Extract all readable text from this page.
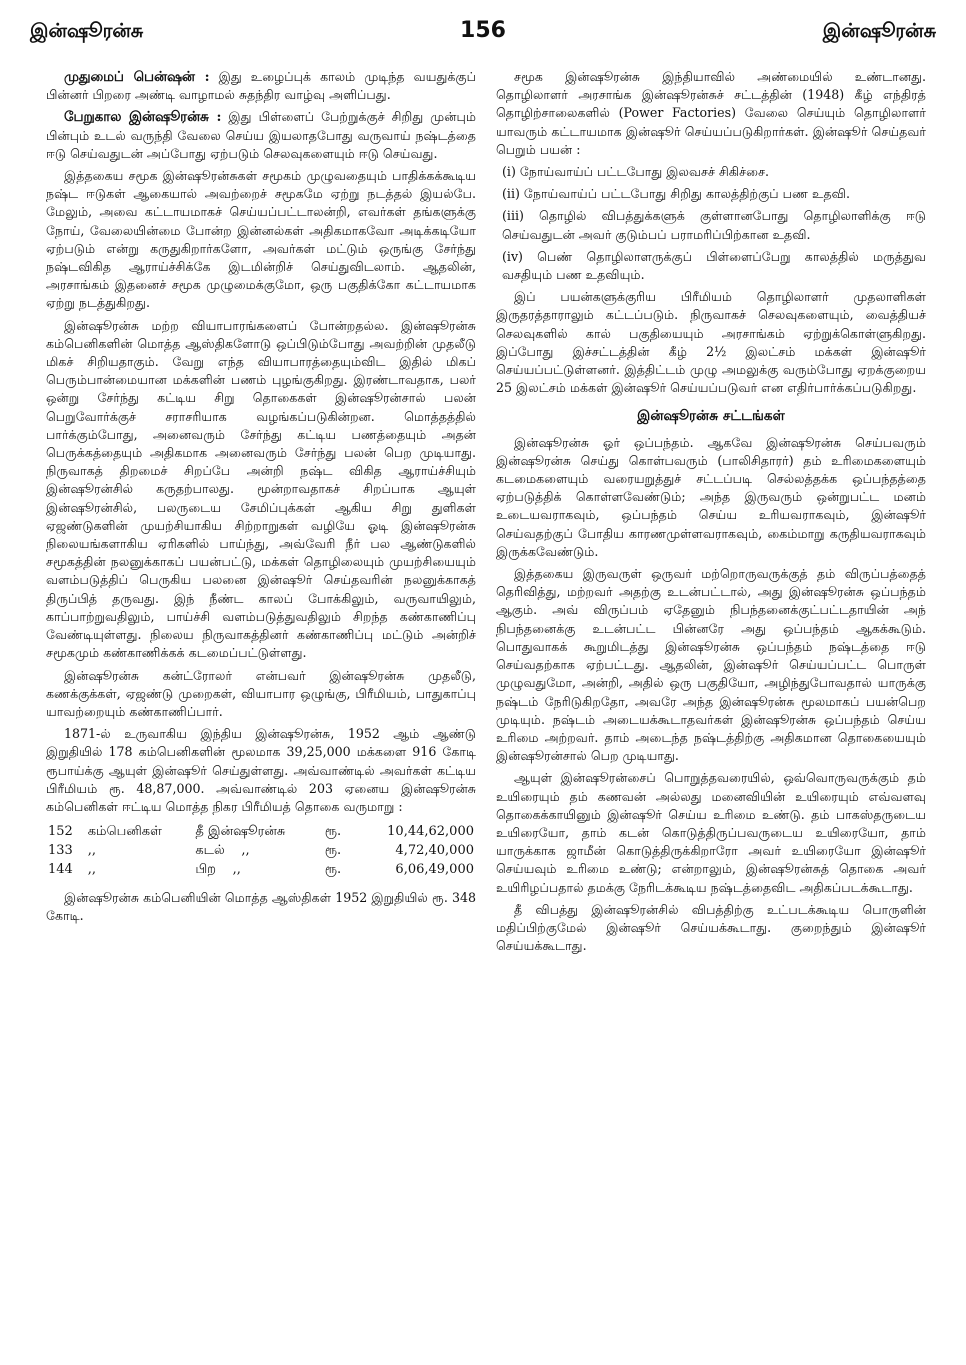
இன்ஷூரன்சு	156	இன்ஷூரன்சு

முதுமைப் பென்ஷன் : இது உழைப்புக் காலம் முடிந்த வயதுக்குப் பின்னர் பிறரை அண்டி வாழாமல் சுதந்திர வாழ்வு அளிப்பது.

பேறுகால இன்ஷூரன்சு : இது பிள்ளைப் பேற்றுக்குச் சிறிது முன்பும் பின்பும் உடல் வருந்தி வேலை செய்ய இயலாதபோது வருவாய் நஷ்டத்தை ஈடு செய்வதுடன் அப்போது ஏற்படும் செலவுகளையும் ஈடு செய்வது.

இத்தகைய சமூக இன்ஷூரன்சுகள் சமூகம் முழுவதையும் பாதிக்கக்கூடிய நஷ்ட ஈடுகள் ஆகையால் அவற்றைச் சமூகமே ஏற்று நடத்தல் இயல்பே. மேலும், அவை கட்டாயமாகச் செய்யப்பட்டாலன்றி, எவர்கள் தங்களுக்கு நோய், வேலையின்மை போன்ற இன்னல்கள் அதிகமாகவோ அடிக்கடியோ ஏற்படும் என்று கருதுகிறார்களோ, அவர்கள் மட்டும் ஒருங்கு சேர்ந்து நஷ்டவிகித ஆராய்ச்சிக்கே இடமின்றிச் செய்துவிடலாம். ஆதலின், அரசாங்கம் இதனைச் சமூக முழுமைக்குமோ, ஒரு பகுதிக்கோ கட்டாயமாக ஏற்று நடத்துகிறது.

இன்ஷூரன்சு மற்ற வியாபாரங்களைப் போன்றதல்ல. இன்ஷூரன்சு கம்பெனிகளின் மொத்த ஆஸ்திகளோடு ஒப்பிடும்போது அவற்றின் முதலீடு மிகச் சிறியதாகும். வேறு எந்த வியாபாரத்தையும்விட இதில் மிகப் பெரும்பான்மையான மக்களின் பணம் புழங்குகிறது. இரண்டாவதாக, பலர் ஒன்று சேர்ந்து கட்டிய சிறு தொகைகள் இன்ஷூரன்சால் பலன் பெறுவோர்க்குச் சராசரியாக வழங்கப்படுகின்றன. மொத்தத்தில் பார்க்கும்போது, அனைவரும் சேர்ந்து கட்டிய பணத்தையும் அதன் பெருக்கத்தையும் அதிகமாக அனைவரும் சேர்ந்து பலன் பெற முடியாது. நிருவாகத் திறமைச் சிறப்பே அன்றி நஷ்ட விகித ஆராய்ச்சியும் இன்ஷூரன்சில் கருதற்பாலது. மூன்றாவதாகச் சிறப்பாக ஆயுள் இன்ஷூரன்சில், பலருடைய சேமிப்புக்கள் ஆகிய சிறு துளிகள் ஏஜண்டுகளின் முயற்சியாகிய சிற்றாறுகள் வழியே ஓடி இன்ஷூரன்சு நிலையங்களாகிய ஏரிகளில் பாய்ந்து, அவ்வேரி நீர் பல ஆண்டுகளில் சமூகத்தின் நலனுக்காகப் பயன்பட்டு, மக்கள் தொழிலையும் முயற்சியையும் வளம்படுத்திப் பெருகிய பலனை இன்ஷூர் செய்தவரின் நலனுக்காகத் திருப்பித் தருவது. இந் நீண்ட காலப் போக்கிலும், வருவாயிலும், காப்பாற்றுவதிலும், பாய்ச்சி வளம்படுத்துவதிலும் சிறந்த கண்காணிப்பு வேண்டியுள்ளது. நிலைய நிருவாகத்தினர் கண்காணிப்பு மட்டும் அன்றிச் சமூகமும் கண்காணிக்கக் கடமைப்பட்டுள்ளது.

இன்ஷூரன்சு கன்ட்ரோலர் என்பவர் இன்ஷூரன்சு முதலீடு, கணக்குக்கள், ஏஜண்டு முறைகள், வியாபார ஒழுங்கு, பிரீமியம், பாதுகாப்பு யாவற்றையும் கண்காணிப்பார்.

1871-ல் உருவாகிய இந்திய இன்ஷூரன்சு, 1952 ஆம் ஆண்டு இறுதியில் 178 கம்பெனிகளின் மூலமாக 39,25,000 மக்களை 916 கோடி ரூபாய்க்கு ஆயுள் இன்ஷூர் செய்துள்ளது. அவ்வாண்டில் அவர்கள் கட்டிய பிரீமியம் ரூ. 48,87,000. அவ்வாண்டில் 203 ஏனைய இன்ஷூரன்சு கம்பெனிகள் ஈட்டிய மொத்த நிகர பிரீமியத் தொகை வருமாறு :

152	கம்பெனிகள்	தீ இன்ஷூரன்சு	ரூ.	10,44,62,000
133	,,	கடல் ,,	ரூ.	4,72,40,000
144	,,	பிற ,,	ரூ.	6,06,49,000

இன்ஷூரன்சு கம்பெனியின் மொத்த ஆஸ்திகள் 1952 இறுதியில் ரூ. 348 கோடி.

சமூக இன்ஷூரன்சு இந்தியாவில் அண்மையில் உண்டானது. தொழிலாளர் அரசாங்க இன்ஷூரன்சுச் சட்டத்தின் (1948) கீழ் எந்திரத் தொழிற்சாலைகளில் (Power Factories) வேலை செய்யும் தொழிலாளர் யாவரும் கட்டாயமாக இன்ஷூர் செய்யப்படுகிறார்கள். இன்ஷூர் செய்தவர் பெறும் பயன் :

(i) நோய்வாய்ப் பட்டபோது இலவசச் சிகிச்சை.

(ii) நோய்வாய்ப் பட்டபோது சிறிது காலத்திற்குப் பண உதவி.

(iii) தொழில் விபத்துக்களுக் குள்ளானபோது தொழிலாளிக்கு ஈடு செய்வதுடன் அவர் குடும்பப் பராமரிப்பிற்கான உதவி.

(iv) பெண் தொழிலாளருக்குப் பிள்ளைப்பேறு காலத்தில் மருத்துவ வசதியும் பண உதவியும்.

இப் பயன்களுக்குரிய பிரீமியம் தொழிலாளர் முதலாளிகள் இருதரத்தாராலும் கட்டப்படும். நிருவாகச் செலவுகளையும், வைத்தியச் செலவுகளில் கால் பகுதியையும் அரசாங்கம் ஏற்றுக்கொள்ளுகிறது. இப்போது இச்சட்டத்தின் கீழ் 2½ இலட்சம் மக்கள் இன்ஷூர் செய்யப்பட்டுள்ளனர். இத்திட்டம் முழு அமலுக்கு வரும்போது ஏறக்குறைய 25 இலட்சம் மக்கள் இன்ஷூர் செய்யப்படுவர் என எதிர்பார்க்கப்படுகிறது.

இன்ஷூரன்சு சட்டங்கள்

இன்ஷூரன்சு ஓர் ஒப்பந்தம். ஆகவே இன்ஷூரன்சு செய்பவரும் இன்ஷூரன்சு செய்து கொள்பவரும் (பாலிசிதாரர்) தம் உரிமைகளையும் கடமைகளையும் வரையறுத்துச் சட்டப்படி செல்லத்தக்க ஒப்பந்தத்தை ஏற்படுத்திக் கொள்ளவேண்டும்; அந்த இருவரும் ஒன்றுபட்ட மனம் உடையவராகவும், ஒப்பந்தம் செய்ய உரியவராகவும், இன்ஷூர் செய்வதற்குப் போதிய காரணமுள்ளவராகவும், கைம்மாறு கருதியவராகவும் இருக்கவேண்டும்.

இத்தகைய இருவருள் ஒருவர் மற்றொருவருக்குத் தம் விருப்பத்தைத் தெரிவித்து, மற்றவர் அதற்கு உடன்பட்டால், அது இன்ஷூரன்சு ஒப்பந்தம் ஆகும். அவ் விருப்பம் ஏதேனும் நிபந்தனைக்குட்பட்டதாயின் அந் நிபந்தனைக்கு உடன்பட்ட பின்னரே அது ஒப்பந்தம் ஆகக்கூடும். பொதுவாகக் கூறுமிடத்து இன்ஷூரன்சு ஒப்பந்தம் நஷ்டத்தை ஈடு செய்வதற்காக ஏற்பட்டது. ஆதலின், இன்ஷூர் செய்யப்பட்ட பொருள் முழுவதுமோ, அன்றி, அதில் ஒரு பகுதியோ, அழிந்துபோவதால் யாருக்கு நஷ்டம் நேரிடுகிறதோ, அவரே அந்த இன்ஷூரன்சு மூலமாகப் பயன்பெற முடியும். நஷ்டம் அடையக்கூடாதவர்கள் இன்ஷூரன்சு ஒப்பந்தம் செய்ய உரிமை அற்றவர். தாம் அடைந்த நஷ்டத்திற்கு அதிகமான தொகையையும் இன்ஷூரன்சால் பெற முடியாது.

ஆயுள் இன்ஷூரன்சைப் பொறுத்தவரையில், ஒவ்வொருவருக்கும் தம் உயிரையும் தம் கணவன் அல்லது மனைவியின் உயிரையும் எவ்வளவு தொகைக்காயினும் இன்ஷூர் செய்ய உரிமை உண்டு. தம் பாகஸ்தருடைய உயிரையோ, தாம் கடன் கொடுத்திருப்பவருடைய உயிரையோ, தாம் யாருக்காக ஜாமீன் கொடுத்திருக்கிறாரோ அவர் உயிரையோ இன்ஷூர் செய்யவும் உரிமை உண்டு; என்றாலும், இன்ஷூரன்சுத் தொகை அவர் உயிரிழப்பதால் தமக்கு நேரிடக்கூடிய நஷ்டத்தைவிட அதிகப்படக்கூடாது.

தீ விபத்து இன்ஷூரன்சில் விபத்திற்கு உட்படக்கூடிய பொருளின் மதிப்பிற்குமேல் இன்ஷூர் செய்யக்கூடாது. குறைந்தும் இன்ஷூர் செய்யக்கூடாது.
